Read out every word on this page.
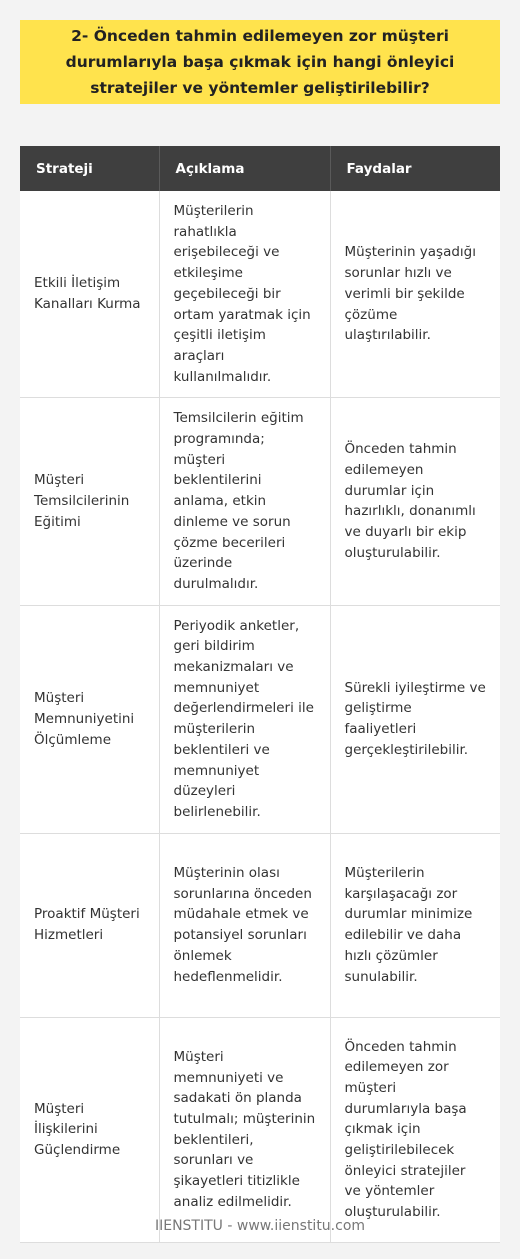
2- Önceden tahmin edilemeyen zor müşteri durumlarıyla başa çıkmak için hangi önleyici stratejiler ve yöntemler geliştirilebilir?
Strateji	Açıklama	Faydalar
Etkili İletişim Kanalları Kurma	Müşterilerin rahatlıkla erişebileceği ve etkileşime geçebileceği bir ortam yaratmak için çeşitli iletişim araçları kullanılmalıdır.	Müşterinin yaşadığı sorunlar hızlı ve verimli bir şekilde çözüme ulaştırılabilir.
Müşteri Temsilcilerinin Eğitimi	Temsilcilerin eğitim programında; müşteri beklentilerini anlama, etkin dinleme ve sorun çözme becerileri üzerinde durulmalıdır.	Önceden tahmin edilemeyen durumlar için hazırlıklı, donanımlı ve duyarlı bir ekip oluşturulabilir.
Müşteri Memnuniyetini Ölçümleme	Periyodik anketler, geri bildirim mekanizmaları ve memnuniyet değerlendirmeleri ile müşterilerin beklentileri ve memnuniyet düzeyleri belirlenebilir.	Sürekli iyileştirme ve geliştirme faaliyetleri gerçekleştirilebilir.
Proaktif Müşteri Hizmetleri	Müşterinin olası sorunlarına önceden müdahale etmek ve potansiyel sorunları önlemek hedeflenmelidir.	Müşterilerin karşılaşacağı zor durumlar minimize edilebilir ve daha hızlı çözümler sunulabilir.
Müşteri İlişkilerini Güçlendirme	Müşteri memnuniyeti ve sadakati ön planda tutulmalı; müşterinin beklentileri, sorunları ve şikayetleri titizlikle analiz edilmelidir.	Önceden tahmin edilemeyen zor müşteri durumlarıyla başa çıkmak için geliştirilebilecek önleyici stratejiler ve yöntemler oluşturulabilir.
IIENSTITU - www.iienstitu.com
